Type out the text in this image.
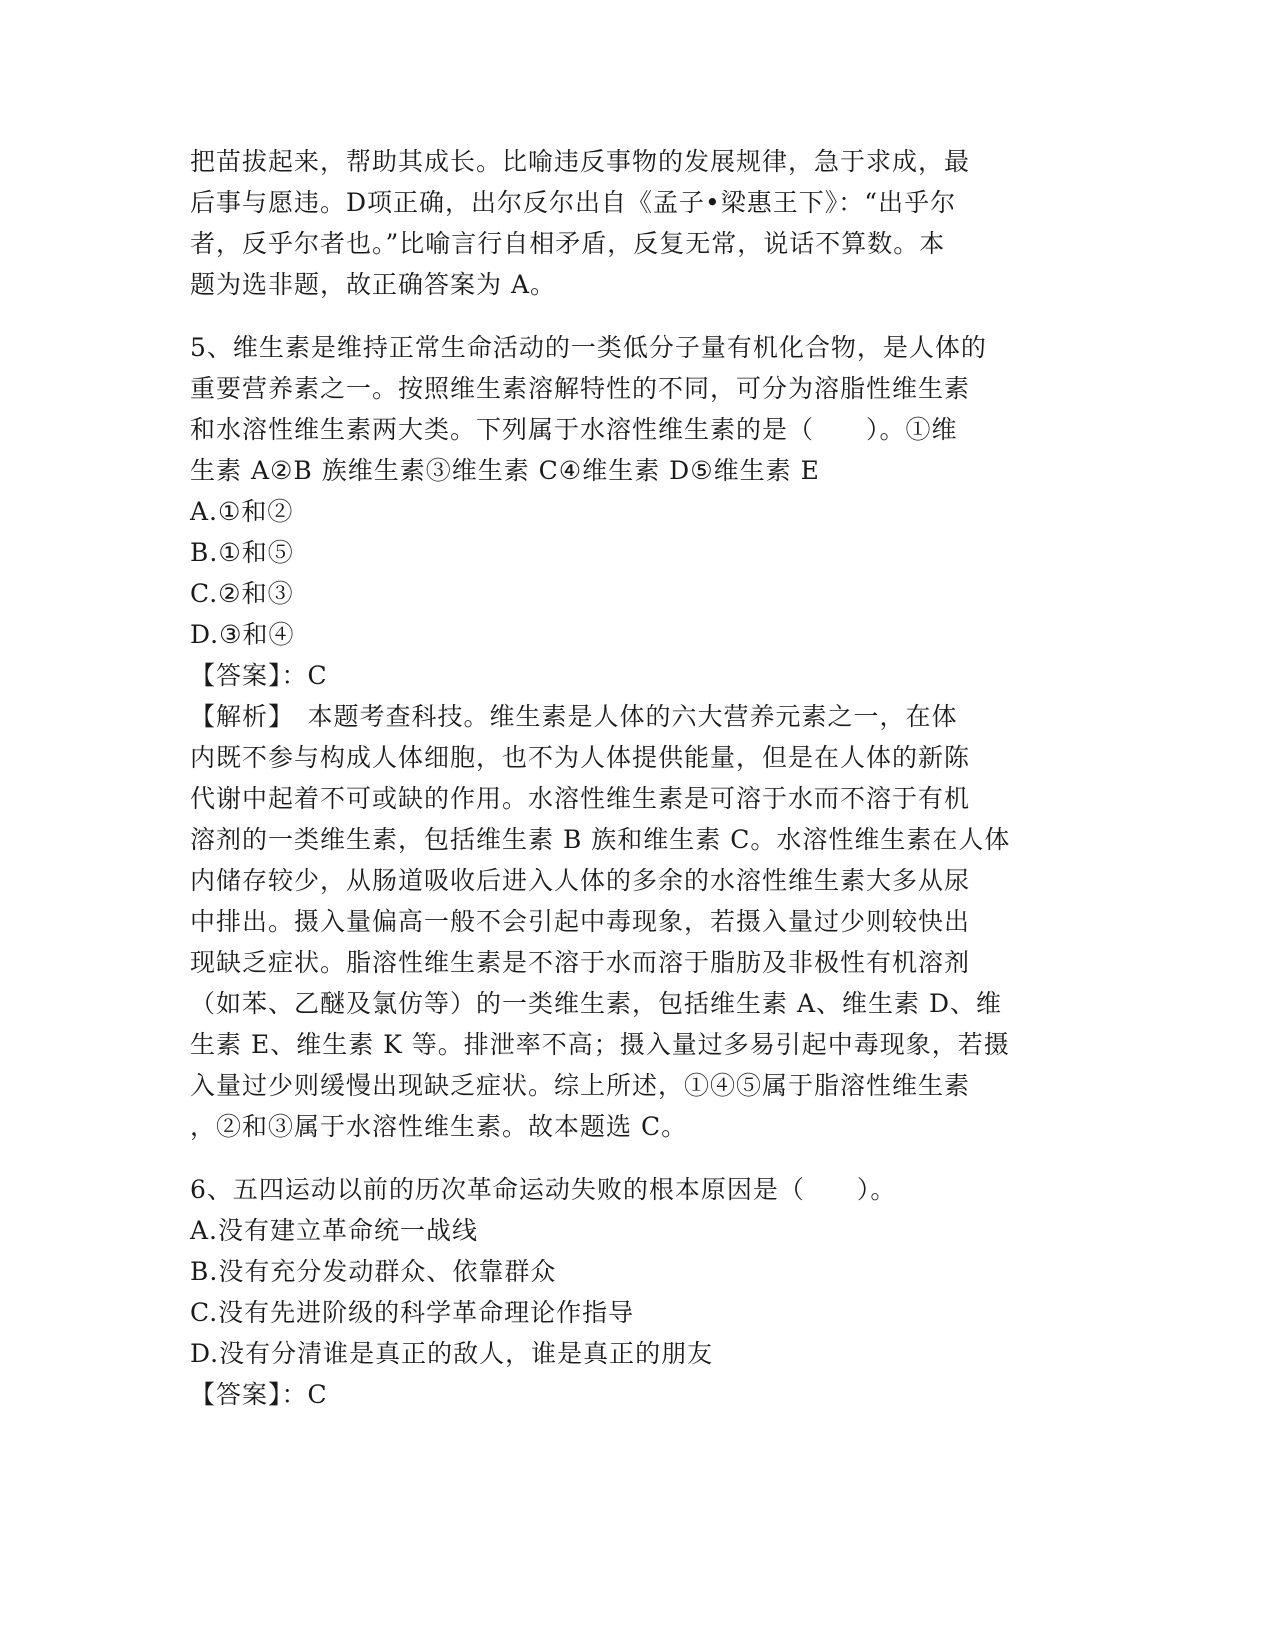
把苗拔起来，帮助其成长。比喻违反事物的发展规律，急于求成，最
后事与愿违。D项正确，出尔反尔出自《孟子•梁惠王下》：“出乎尔
者，反乎尔者也。”比喻言行自相矛盾，反复无常，说话不算数。本
题为选非题，故正确答案为 A。
5、维生素是维持正常生命活动的一类低分子量有机化合物，是人体的
重要营养素之一。按照维生素溶解特性的不同，可分为溶脂性维生素
和水溶性维生素两大类。下列属于水溶性维生素的是（　　）。①维
生素 A②B 族维生素③维生素 C④维生素 D⑤维生素 E
A.①和②
B.①和⑤
C.②和③
D.③和④
【答案】：C
【解析】　本题考查科技。维生素是人体的六大营养元素之一，在体
内既不参与构成人体细胞，也不为人体提供能量，但是在人体的新陈
代谢中起着不可或缺的作用。水溶性维生素是可溶于水而不溶于有机
溶剂的一类维生素，包括维生素 B 族和维生素 C。水溶性维生素在人体
内储存较少，从肠道吸收后进入人体的多余的水溶性维生素大多从尿
中排出。摄入量偏高一般不会引起中毒现象，若摄入量过少则较快出
现缺乏症状。脂溶性维生素是不溶于水而溶于脂肪及非极性有机溶剂
（如苯、乙醚及氯仿等）的一类维生素，包括维生素 A、维生素 D、维
生素 E、维生素 K 等。排泄率不高；摄入量过多易引起中毒现象，若摄
入量过少则缓慢出现缺乏症状。综上所述，①④⑤属于脂溶性维生素
，②和③属于水溶性维生素。故本题选 C。
6、五四运动以前的历次革命运动失败的根本原因是（　　）。
A.没有建立革命统一战线
B.没有充分发动群众、依靠群众
C.没有先进阶级的科学革命理论作指导
D.没有分清谁是真正的敌人，谁是真正的朋友
【答案】：C
